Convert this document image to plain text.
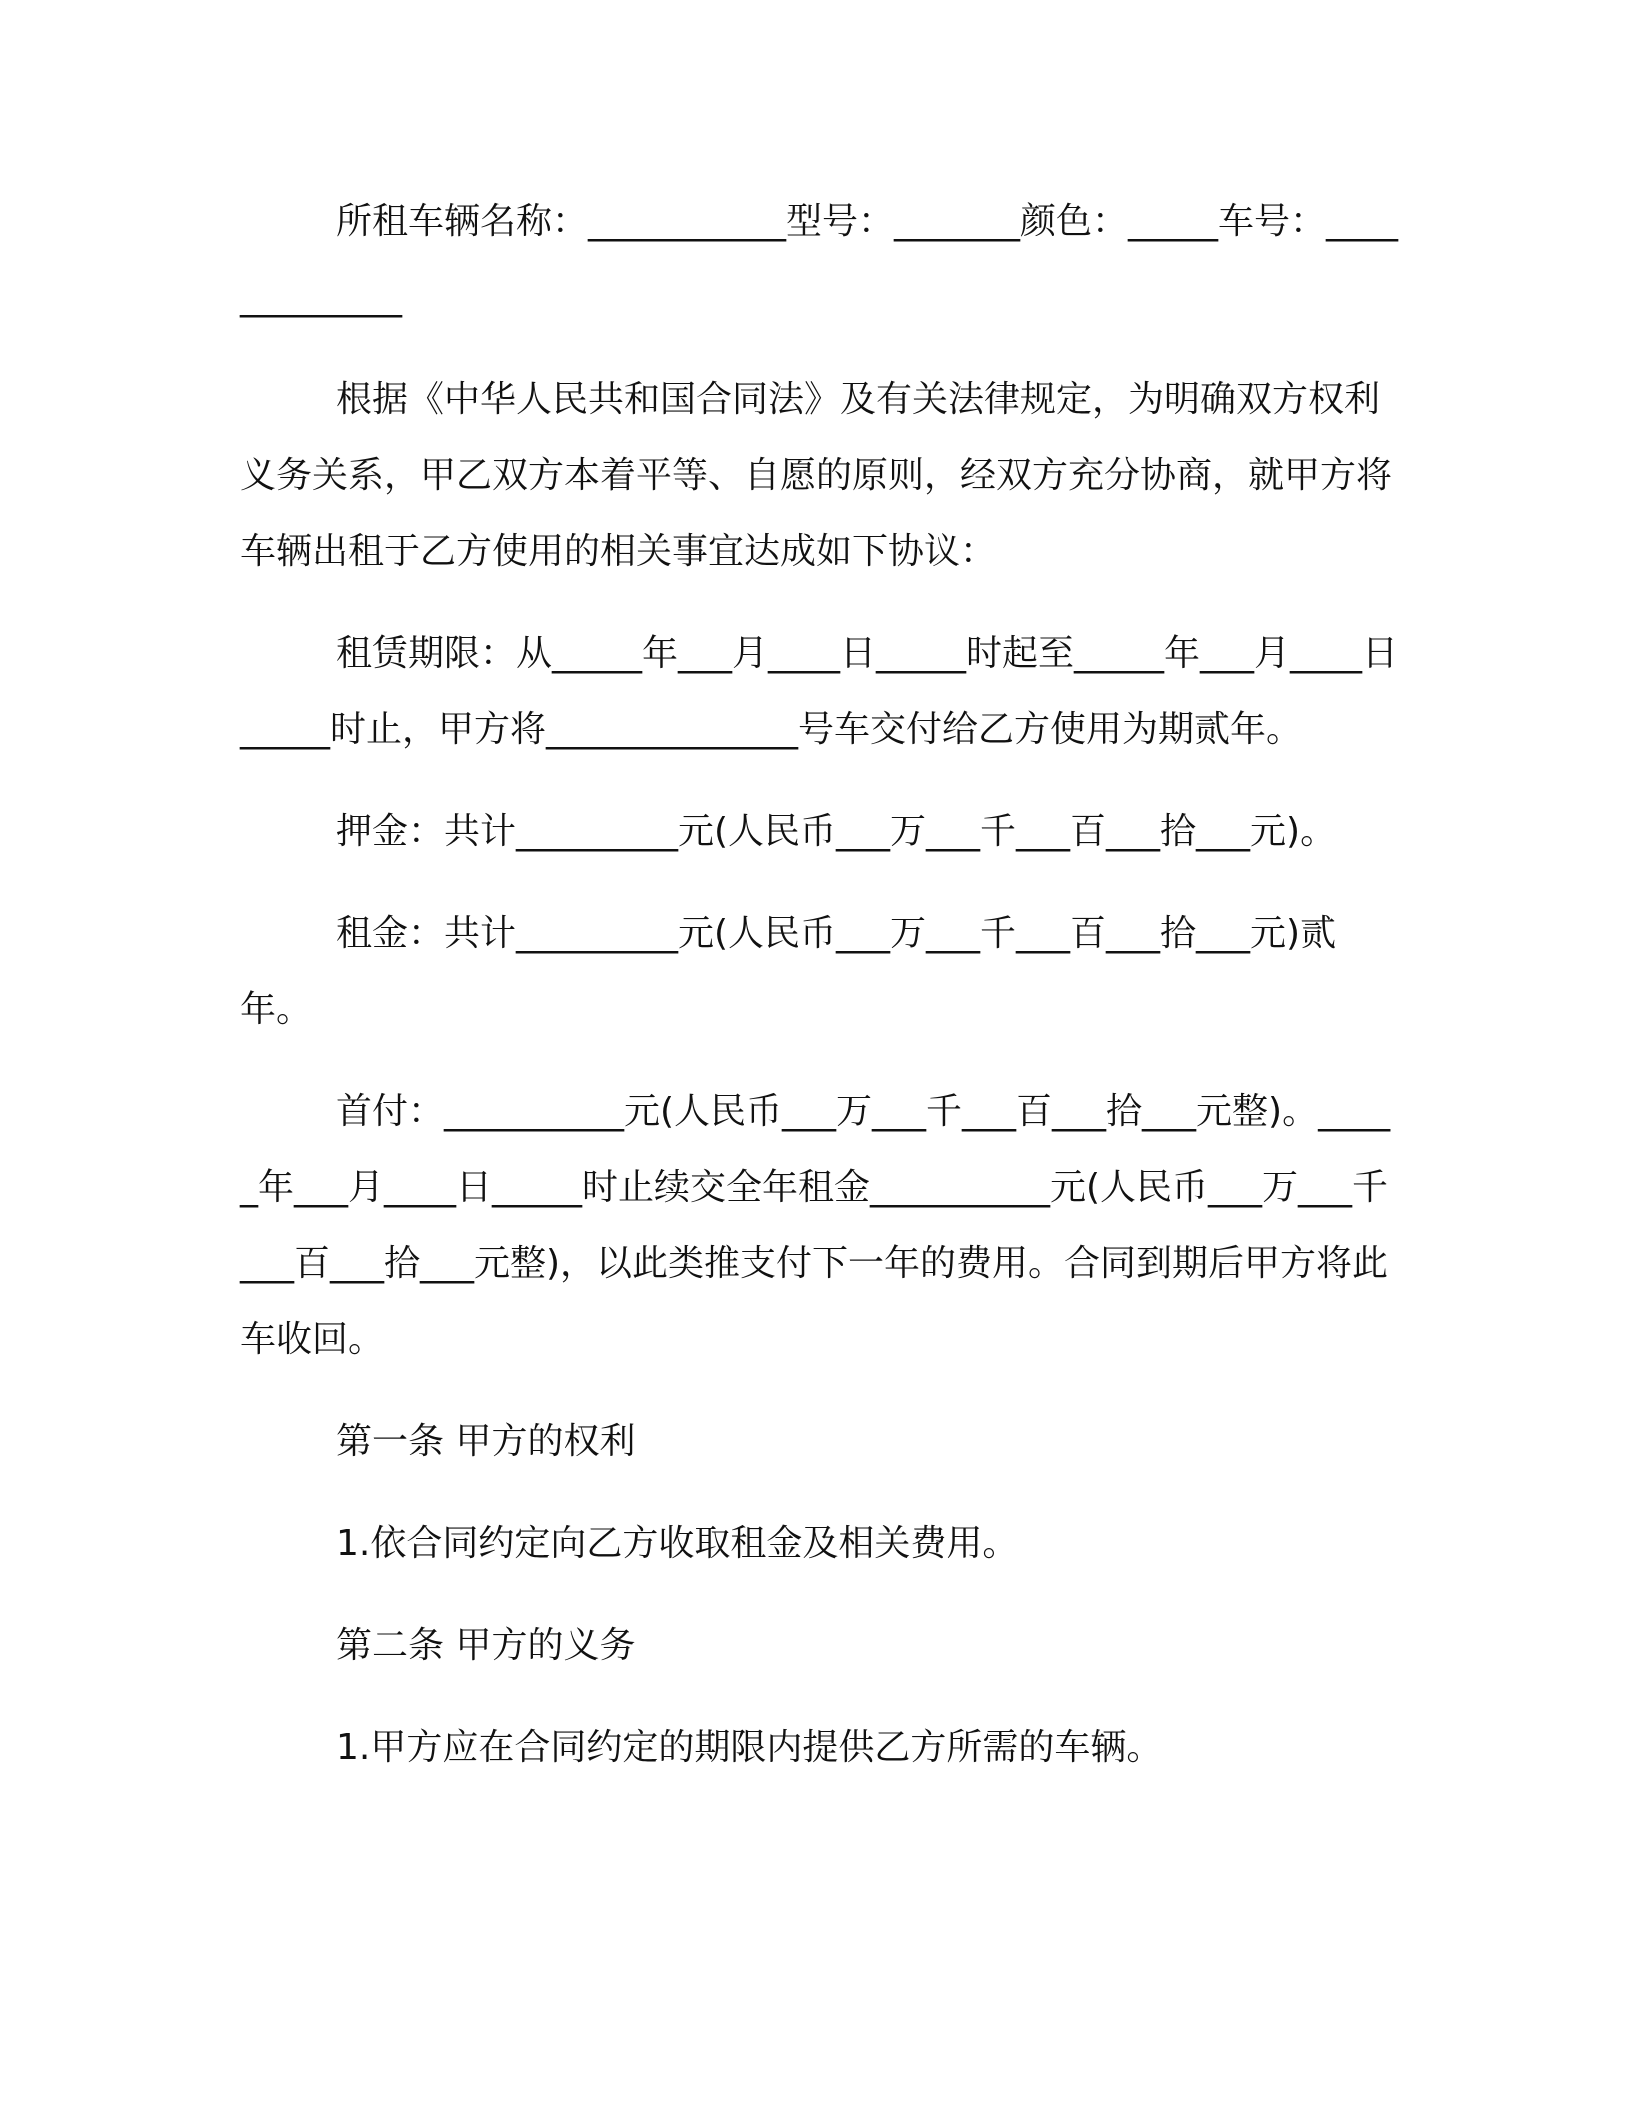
所租车辆名称：___________型号：_______颜色：_____车号：_____________

根据《中华人民共和国合同法》及有关法律规定，为明确双方权利义务关系，甲乙双方本着平等、自愿的原则，经双方充分协商，就甲方将车辆出租于乙方使用的相关事宜达成如下协议：

租赁期限：从_____年___月____日_____时起至_____年___月____日_____时止，甲方将______________号车交付给乙方使用为期贰年。

押金：共计_________元(人民币___万___千___百___拾___元)。

租金：共计_________元(人民币___万___千___百___拾___元)贰年。

首付：__________元(人民币___万___千___百___拾___元整)。_____年___月____日_____时止续交全年租金__________元(人民币___万___千___百___拾___元整)，以此类推支付下一年的费用。合同到期后甲方将此车收回。

第一条 甲方的权利

1.依合同约定向乙方收取租金及相关费用。

第二条 甲方的义务

1.甲方应在合同约定的期限内提供乙方所需的车辆。
